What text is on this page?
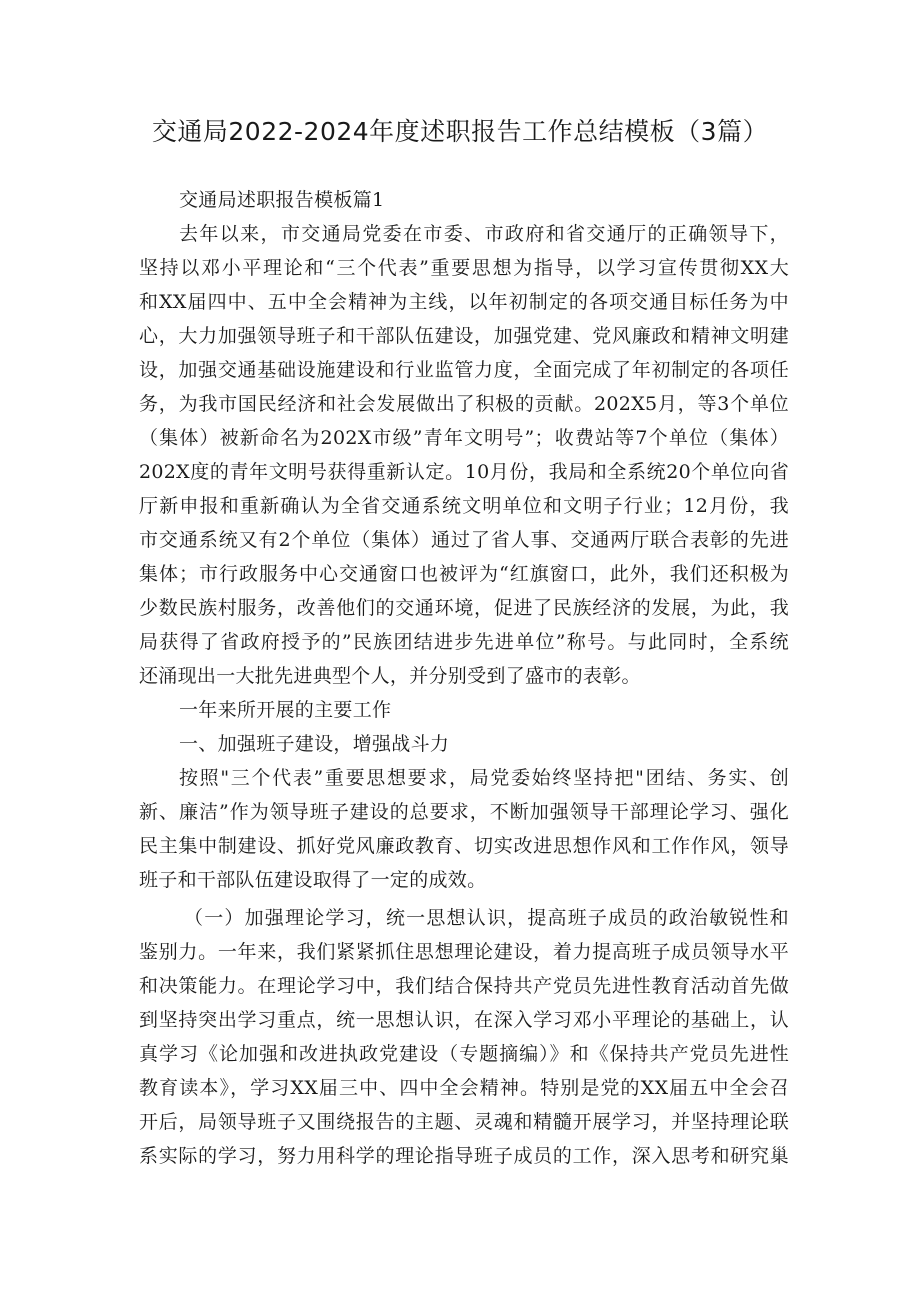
交通局2022-2024年度述职报告工作总结模板（3篇）
交通局述职报告模板篇1
去年以来，市交通局党委在市委、市政府和省交通厅的正确领导下，
坚持以邓小平理论和“三个代表”重要思想为指导，以学习宣传贯彻XX大
和XX届四中、五中全会精神为主线，以年初制定的各项交通目标任务为中
心，大力加强领导班子和干部队伍建设，加强党建、党风廉政和精神文明建
设，加强交通基础设施建设和行业监管力度，全面完成了年初制定的各项任
务，为我市国民经济和社会发展做出了积极的贡献。202X5月，等3个单位
（集体）被新命名为202X市级”青年文明号”；收费站等7个单位（集体）
202X度的青年文明号获得重新认定。10月份，我局和全系统20个单位向省
厅新申报和重新确认为全省交通系统文明单位和文明子行业；12月份，我
市交通系统又有2个单位（集体）通过了省人事、交通两厅联合表彰的先进
集体；市行政服务中心交通窗口也被评为“红旗窗口，此外，我们还积极为
少数民族村服务，改善他们的交通环境，促进了民族经济的发展，为此，我
局获得了省政府授予的”民族团结进步先进单位”称号。与此同时，全系统
还涌现出一大批先进典型个人，并分别受到了盛市的表彰。
一年来所开展的主要工作
一、加强班子建设，增强战斗力
按照"三个代表”重要思想要求，局党委始终坚持把"团结、务实、创
新、廉洁”作为领导班子建设的总要求，不断加强领导干部理论学习、强化
民主集中制建设、抓好党风廉政教育、切实改进思想作风和工作作风，领导
班子和干部队伍建设取得了一定的成效。
（一）加强理论学习，统一思想认识，提高班子成员的政治敏锐性和
鉴别力。一年来，我们紧紧抓住思想理论建设，着力提高班子成员领导水平
和决策能力。在理论学习中，我们结合保持共产党员先进性教育活动首先做
到坚持突出学习重点，统一思想认识，在深入学习邓小平理论的基础上，认
真学习《论加强和改进执政党建设（专题摘编）》和《保持共产党员先进性
教育读本》，学习XX届三中、四中全会精神。特别是党的XX届五中全会召
开后，局领导班子又围绕报告的主题、灵魂和精髓开展学习，并坚持理论联
系实际的学习，努力用科学的理论指导班子成员的工作，深入思考和研究巢
